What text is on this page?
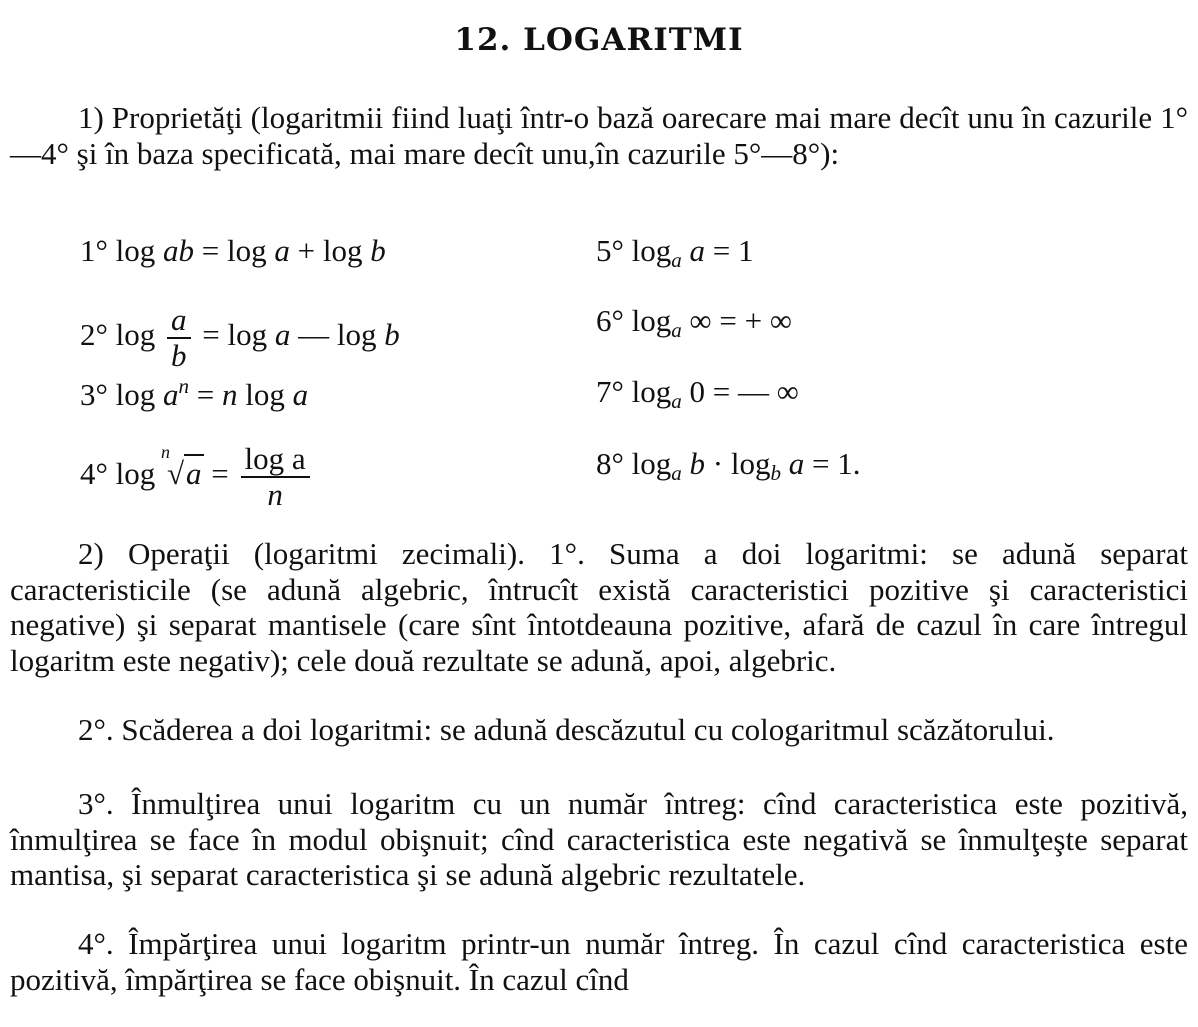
12. LOGARITMI
1) Proprietăţi (logaritmii fiind luaţi într-o bază oarecare mai mare decît unu în cazurile 1°—4° şi în baza specificată, mai mare decît unu,în cazurile 5°—8°):
1° log ab = log a + log b
2° $\log \frac{a}{b} = \log a$ — log b
3° $\log a^n = n$ log a
4° log
n
$√a = \frac{\text{log a}}{n}$
5° $\log_a a = 1$
6° $\log_a$ ∞ = + ∞
7° $\log_a 0$ = — ∞
8° $\log_a b \cdot \log_b a = 1$.
2) Operaţii (logaritmi zecimali). 1°. Suma a doi logaritmi: se adună separat caracteristicile (se adună algebric, întrucît există caracteristici pozitive şi caracteristici negative) şi separat mantisele (care sînt întotdeauna pozitive, afară de cazul în care întregul logaritm este negativ); cele două rezultate se adună, apoi, algebric.
2°. Scăderea a doi logaritmi: se adună descăzutul cu cologaritmul scăzătorului.
3°. Înmulţirea unui logaritm cu un număr întreg: cînd caracteristica este pozitivă, înmulţirea se face în modul obişnuit; cînd caracteristica este negativă se înmulţeşte separat mantisa, şi separat caracteristica şi se adună algebric rezultatele.
4°. Împărţirea unui logaritm printr-un număr întreg. În cazul cînd caracteristica este pozitivă, împărţirea se face obişnuit. În cazul cînd
